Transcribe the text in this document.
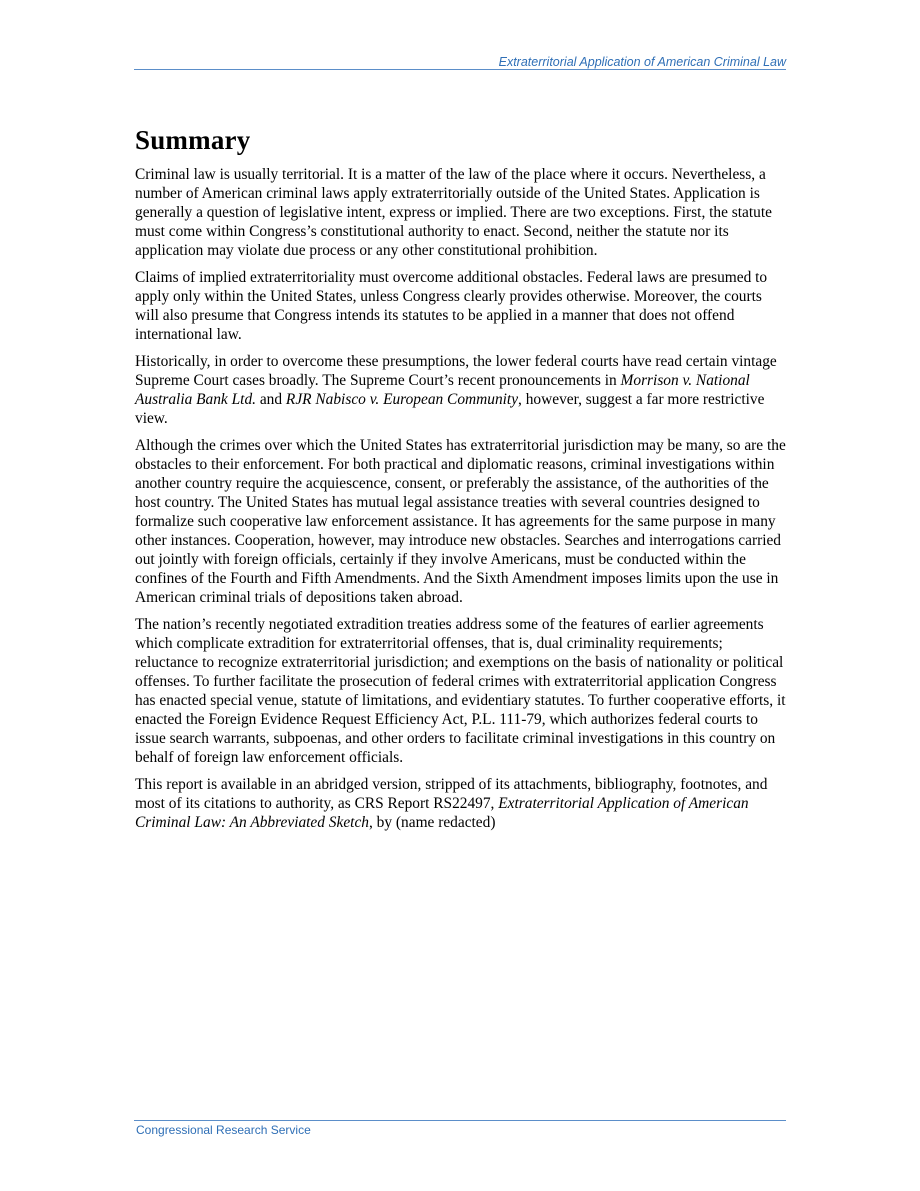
Extraterritorial Application of American Criminal Law
Summary

Criminal law is usually territorial. It is a matter of the law of the place where it occurs. Nevertheless, a number of American criminal laws apply extraterritorially outside of the United States. Application is generally a question of legislative intent, express or implied. There are two exceptions. First, the statute must come within Congress’s constitutional authority to enact. Second, neither the statute nor its application may violate due process or any other constitutional prohibition.

Claims of implied extraterritoriality must overcome additional obstacles. Federal laws are presumed to apply only within the United States, unless Congress clearly provides otherwise. Moreover, the courts will also presume that Congress intends its statutes to be applied in a manner that does not offend international law.

Historically, in order to overcome these presumptions, the lower federal courts have read certain vintage Supreme Court cases broadly. The Supreme Court’s recent pronouncements in Morrison v. National Australia Bank Ltd. and RJR Nabisco v. European Community, however, suggest a far more restrictive view.

Although the crimes over which the United States has extraterritorial jurisdiction may be many, so are the obstacles to their enforcement. For both practical and diplomatic reasons, criminal investigations within another country require the acquiescence, consent, or preferably the assistance, of the authorities of the host country. The United States has mutual legal assistance treaties with several countries designed to formalize such cooperative law enforcement assistance. It has agreements for the same purpose in many other instances. Cooperation, however, may introduce new obstacles. Searches and interrogations carried out jointly with foreign officials, certainly if they involve Americans, must be conducted within the confines of the Fourth and Fifth Amendments. And the Sixth Amendment imposes limits upon the use in American criminal trials of depositions taken abroad.

The nation’s recently negotiated extradition treaties address some of the features of earlier agreements which complicate extradition for extraterritorial offenses, that is, dual criminality requirements; reluctance to recognize extraterritorial jurisdiction; and exemptions on the basis of nationality or political offenses. To further facilitate the prosecution of federal crimes with extraterritorial application Congress has enacted special venue, statute of limitations, and evidentiary statutes. To further cooperative efforts, it enacted the Foreign Evidence Request Efficiency Act, P.L. 111-79, which authorizes federal courts to issue search warrants, subpoenas, and other orders to facilitate criminal investigations in this country on behalf of foreign law enforcement officials.

This report is available in an abridged version, stripped of its attachments, bibliography, footnotes, and most of its citations to authority, as CRS Report RS22497, Extraterritorial Application of American Criminal Law: An Abbreviated Sketch, by (name redacted)

Congressional Research Service
